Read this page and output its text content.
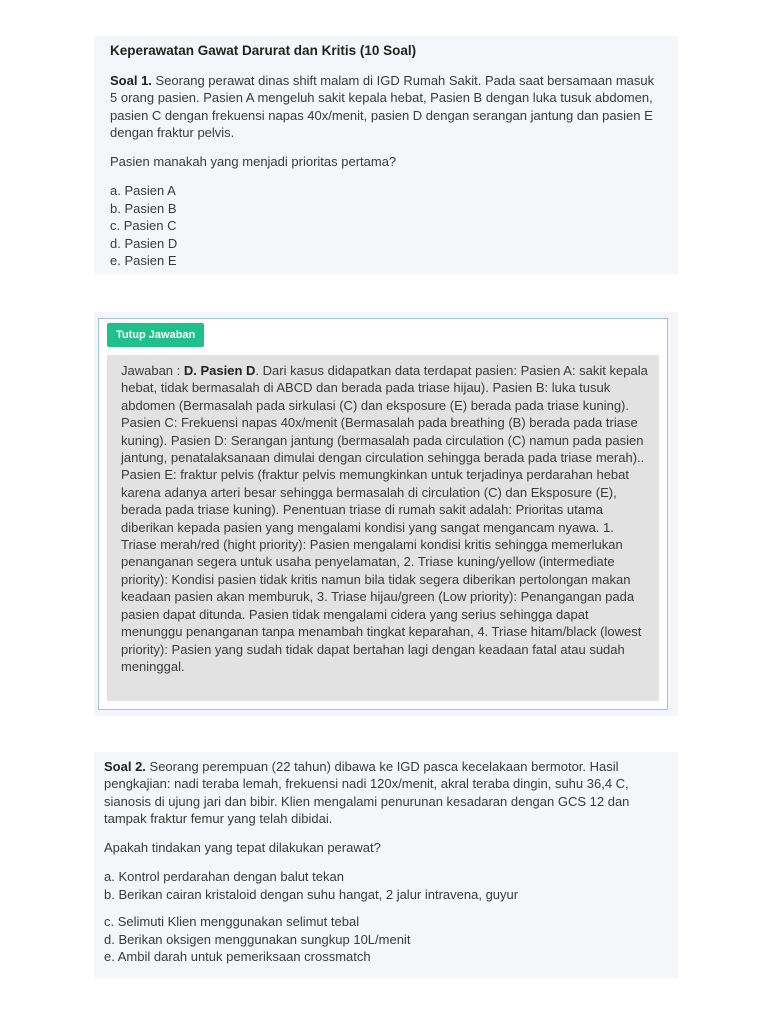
Keperawatan Gawat Darurat dan Kritis (10 Soal)

Soal 1. Seorang perawat dinas shift malam di IGD Rumah Sakit. Pada saat bersamaan masuk 5 orang pasien. Pasien A mengeluh sakit kepala hebat, Pasien B dengan luka tusuk abdomen, pasien C dengan frekuensi napas 40x/menit, pasien D dengan serangan jantung dan pasien E dengan fraktur pelvis.

Pasien manakah yang menjadi prioritas pertama?

a. Pasien A
b. Pasien B
c. Pasien C
d. Pasien D
e. Pasien E
Tutup Jawaban
Jawaban : D. Pasien D. Dari kasus didapatkan data terdapat pasien: Pasien A: sakit kepala hebat, tidak bermasalah di ABCD dan berada pada triase hijau). Pasien B: luka tusuk abdomen (Bermasalah pada sirkulasi (C) dan eksposure (E) berada pada triase kuning). Pasien C: Frekuensi napas 40x/menit (Bermasalah pada breathing (B) berada pada triase kuning). Pasien D: Serangan jantung (bermasalah pada circulation (C) namun pada pasien jantung, penatalaksanaan dimulai dengan circulation sehingga berada pada triase merah).. Pasien E: fraktur pelvis (fraktur pelvis memungkinkan untuk terjadinya perdarahan hebat karena adanya arteri besar sehingga bermasalah di circulation (C) dan Eksposure (E), berada pada triase kuning). Penentuan triase di rumah sakit adalah: Prioritas utama diberikan kepada pasien yang mengalami kondisi yang sangat mengancam nyawa. 1. Triase merah/red (hight priority): Pasien mengalami kondisi kritis sehingga memerlukan penanganan segera untuk usaha penyelamatan, 2. Triase kuning/yellow (intermediate priority): Kondisi pasien tidak kritis namun bila tidak segera diberikan pertolongan makan keadaan pasien akan memburuk, 3. Triase hijau/green (Low priority): Penangangan pada pasien dapat ditunda. Pasien tidak mengalami cidera yang serius sehingga dapat menunggu penanganan tanpa menambah tingkat keparahan, 4. Triase hitam/black (lowest priority): Pasien yang sudah tidak dapat bertahan lagi dengan keadaan fatal atau sudah meninggal.

Soal 2. Seorang perempuan (22 tahun) dibawa ke IGD pasca kecelakaan bermotor. Hasil pengkajian: nadi teraba lemah, frekuensi nadi 120x/menit, akral teraba dingin, suhu 36,4 C, sianosis di ujung jari dan bibir. Klien mengalami penurunan kesadaran dengan GCS 12 dan tampak fraktur femur yang telah dibidai.

Apakah tindakan yang tepat dilakukan perawat?

a. Kontrol perdarahan dengan balut tekan
b. Berikan cairan kristaloid dengan suhu hangat, 2 jalur intravena, guyur
c. Selimuti Klien menggunakan selimut tebal
d. Berikan oksigen menggunakan sungkup 10L/menit
e. Ambil darah untuk pemeriksaan crossmatch
